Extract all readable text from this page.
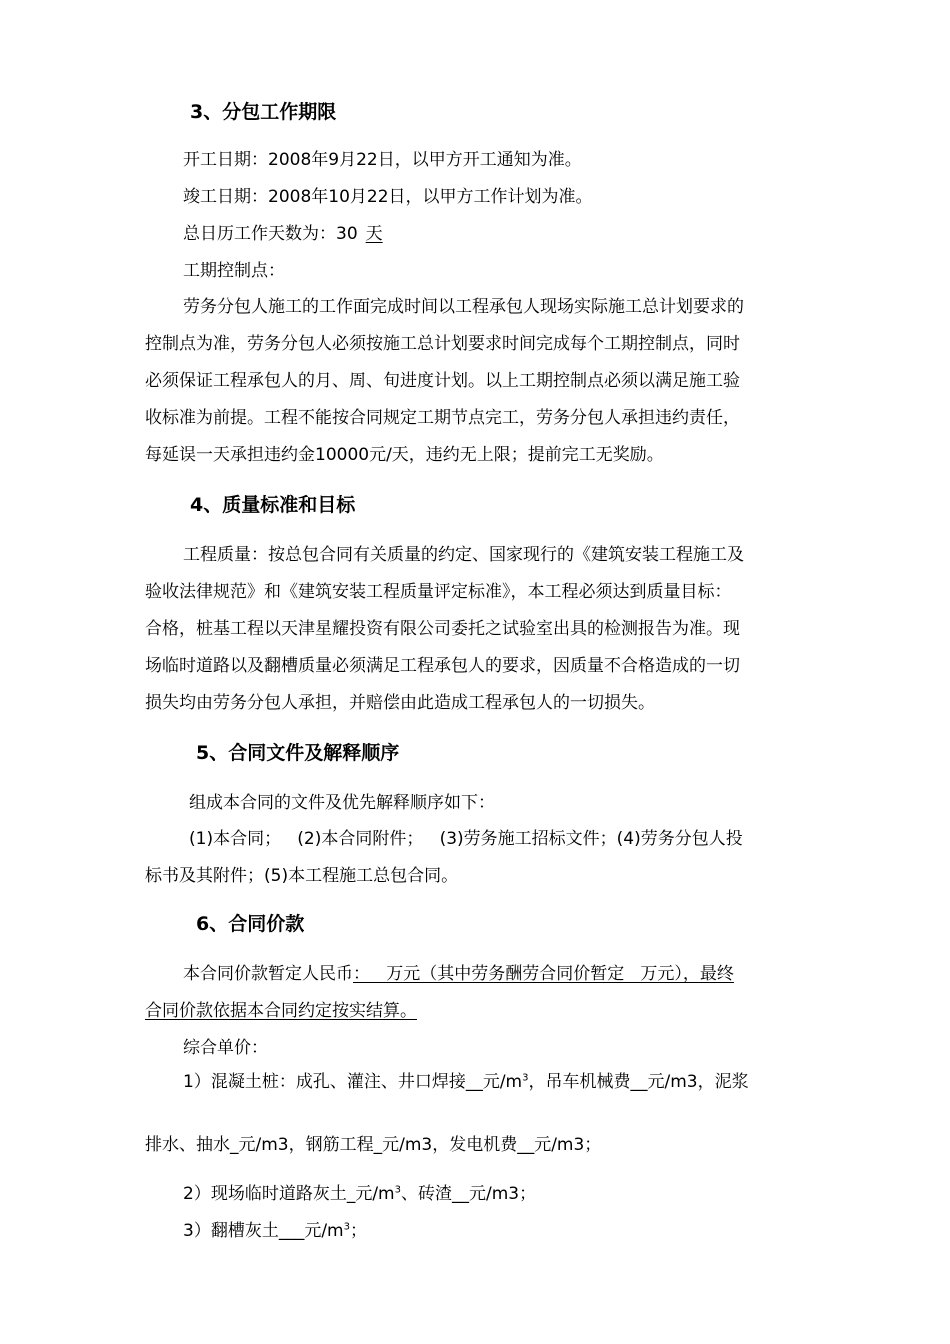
3、分包工作期限
开工日期：2008年9月22日，以甲方开工通知为准。
竣工日期：2008年10月22日，以甲方工作计划为准。
总日历工作天数为：30 天
工期控制点：
劳务分包人施工的工作面完成时间以工程承包人现场实际施工总计划要求的
控制点为准，劳务分包人必须按施工总计划要求时间完成每个工期控制点，同时
必须保证工程承包人的月、周、旬进度计划。以上工期控制点必须以满足施工验
收标准为前提。工程不能按合同规定工期节点完工，劳务分包人承担违约责任，
每延误一天承担违约金10000元/天，违约无上限；提前完工无奖励。
4、质量标准和目标
工程质量：按总包合同有关质量的约定、国家现行的《建筑安装工程施工及
验收法律规范》和《建筑安装工程质量评定标准》，本工程必须达到质量目标：
合格，桩基工程以天津星耀投资有限公司委托之试验室出具的检测报告为准。现
场临时道路以及翻槽质量必须满足工程承包人的要求，因质量不合格造成的一切
损失均由劳务分包人承担，并赔偿由此造成工程承包人的一切损失。
5、合同文件及解释顺序
组成本合同的文件及优先解释顺序如下：
(1)本合同；   (2)本合同附件；   (3)劳务施工招标文件；(4)劳务分包人投
标书及其附件；(5)本工程施工总包合同。
6、合同价款
本合同价款暂定人民币：   万元（其中劳务酬劳合同价暂定   万元），最终
合同价款依据本合同约定按实结算。
综合单价：
1）混凝土桩：成孔、灌注、井口焊接__元$/m^3$，吊车机械费__元/m3，泥浆
排水、抽水_元/m3，钢筋工程_元/m3，发电机费__元/m3；
2）现场临时道路灰土_元$/m^3$、砖渣__元/m3；
3）翻槽灰土___元$/m^3$；
